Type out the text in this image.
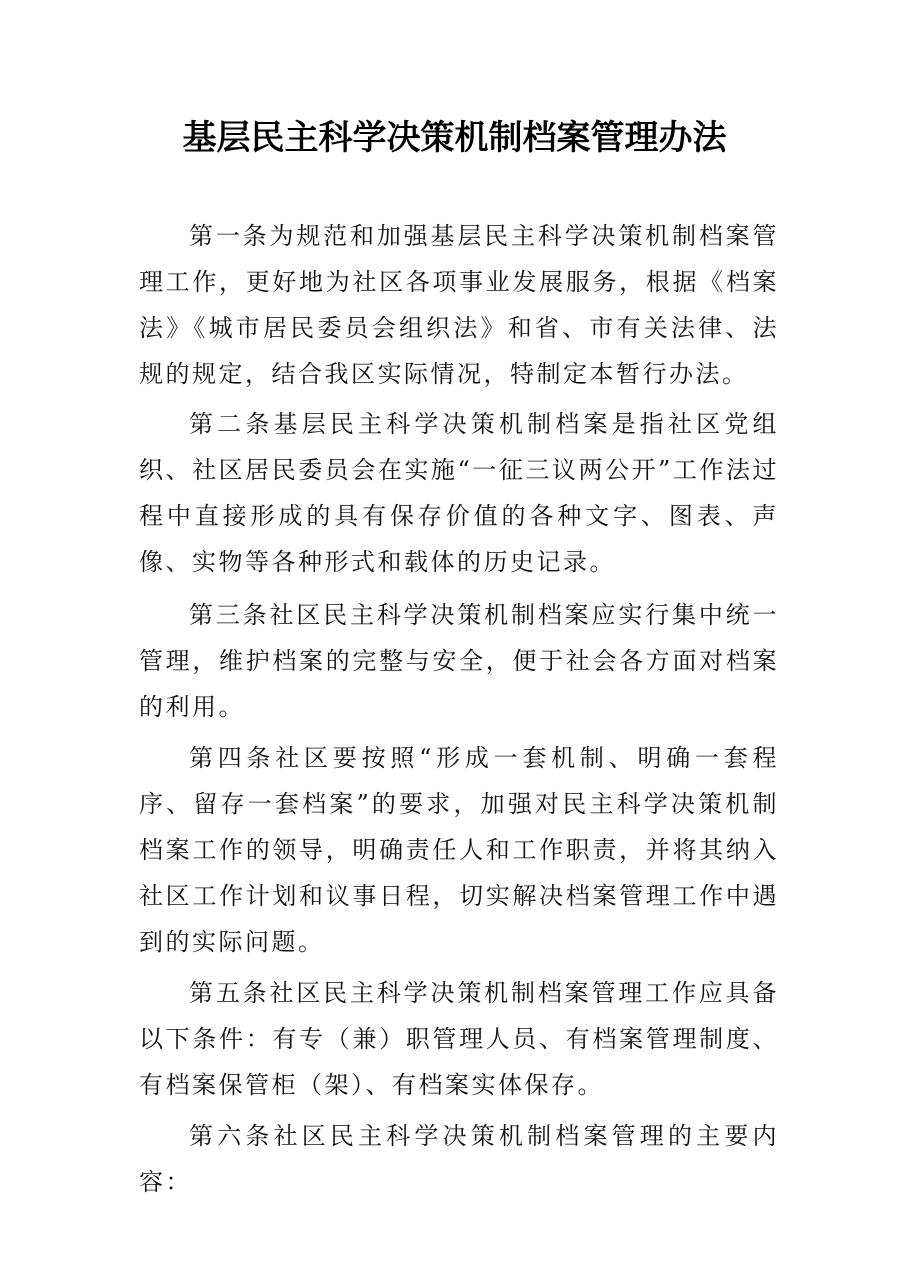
基层民主科学决策机制档案管理办法

第一条为规范和加强基层民主科学决策机制档案管理工作，更好地为社区各项事业发展服务，根据《档案法》《城市居民委员会组织法》和省、市有关法律、法规的规定，结合我区实际情况，特制定本暂行办法。

第二条基层民主科学决策机制档案是指社区党组织、社区居民委员会在实施“一征三议两公开”工作法过程中直接形成的具有保存价值的各种文字、图表、声像、实物等各种形式和载体的历史记录。

第三条社区民主科学决策机制档案应实行集中统一管理，维护档案的完整与安全，便于社会各方面对档案的利用。

第四条社区要按照“形成一套机制、明确一套程序、留存一套档案”的要求，加强对民主科学决策机制档案工作的领导，明确责任人和工作职责，并将其纳入社区工作计划和议事日程，切实解决档案管理工作中遇到的实际问题。

第五条社区民主科学决策机制档案管理工作应具备以下条件：有专（兼）职管理人员、有档案管理制度、有档案保管柜（架）、有档案实体保存。

第六条社区民主科学决策机制档案管理的主要内容：
